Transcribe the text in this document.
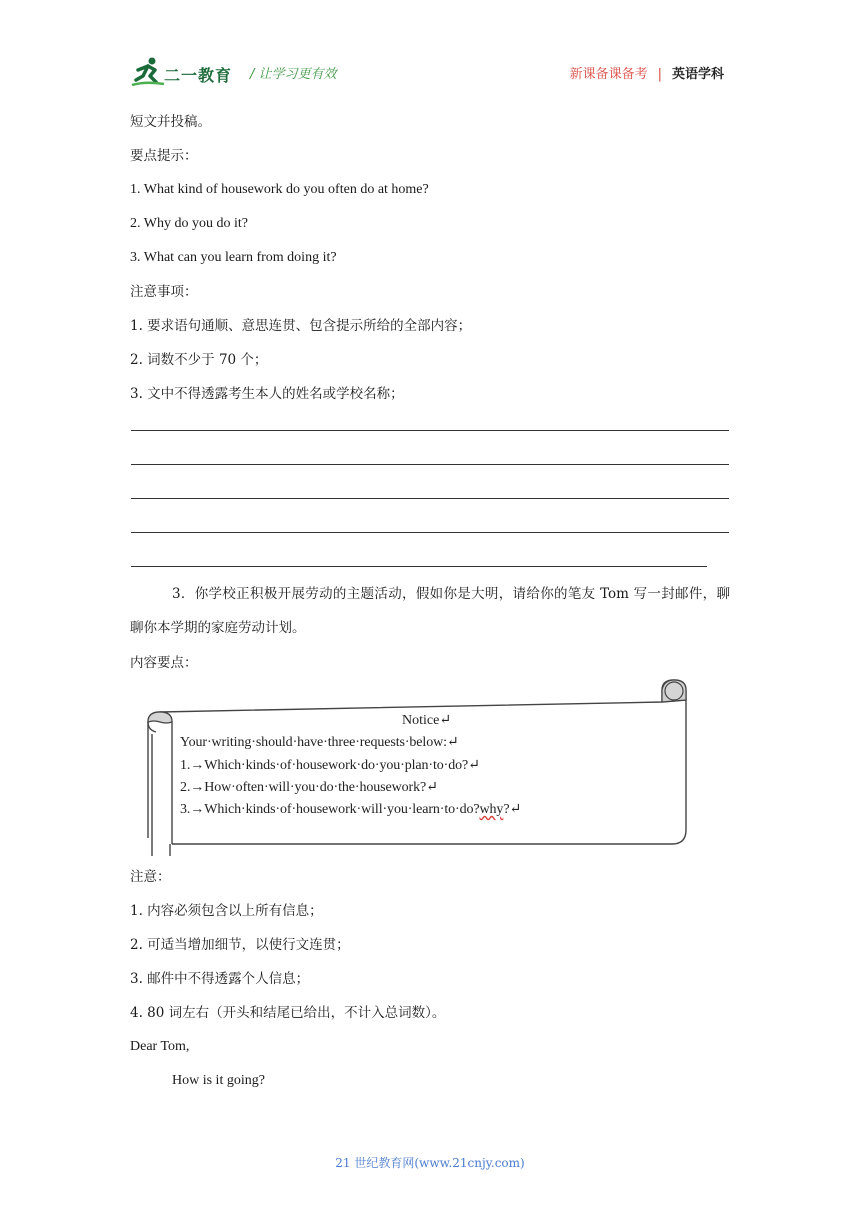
二一教育 / 让学习更有效	新课备课备考 | 英语学科
短文并投稿。
要点提示：
1. What kind of housework do you often do at home?
2. Why do you do it?
3. What can you learn from doing it?
注意事项：
1. 要求语句通顺、意思连贯、包含提示所给的全部内容；
2. 词数不少于 70 个；
3. 文中不得透露考生本人的姓名或学校名称；
3．你学校正积极开展劳动的主题活动，假如你是大明，请给你的笔友 Tom 写一封邮件，聊聊你本学期的家庭劳动计划。
内容要点：
Notice↵
Your·writing·should·have·three·requests·below:↵
1.→Which·kinds·of·housework·do·you·plan·to·do?↵
2.→How·often·will·you·do·the·housework?↵
3.→Which·kinds·of·housework·will·you·learn·to·do?why?↵
注意：
1. 内容必须包含以上所有信息；
2. 可适当增加细节，以使行文连贯；
3. 邮件中不得透露个人信息；
4. 80 词左右（开头和结尾已给出，不计入总词数）。
Dear Tom,
How is it going?
21 世纪教育网(www.21cnjy.com)
